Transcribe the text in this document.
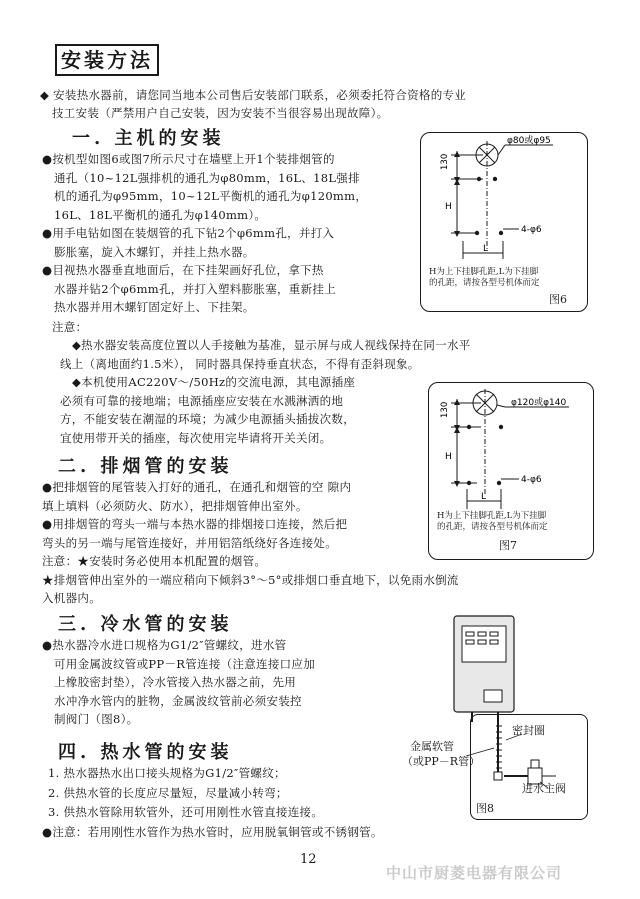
安装方法
◆ 安装热水器前，请您同当地本公司售后安装部门联系，必须委托符合资格的专业
技工安装（严禁用户自己安装，因为安装不当很容易出现故障）。
一. 主机的安装
●按机型如图6或图7所示尺寸在墙壁上开1个装排烟管的
通孔（10~12L强排机的通孔为φ80mm，16L、18L强排
机的通孔为φ95mm，10~12L平衡机的通孔为φ120mm，
16L、18L平衡机的通孔为φ140mm）。
●用手电钻如图在装烟管的孔下钻2个φ6mm孔，并打入
膨胀塞，旋入木螺钉，并挂上热水器。
●目视热水器垂直地面后，在下挂架画好孔位，拿下热
水器并钻2个φ6mm孔，并打入塑料膨胀塞，重新挂上
热水器并用木螺钉固定好上、下挂架。
注意：
◆热水器安装高度位置以人手接触为基准，显示屏与成人视线保持在同一水平
线上（离地面约1.5米）， 同时器具保持垂直状态，不得有歪斜现象。
◆本机使用AC220V～/50Hz的交流电源，其电源插座
必须有可靠的接地端；电源插座应安装在水溅淋洒的地
方，不能安装在潮湿的环境；为减少电源插头插拔次数，
宜使用带开关的插座，每次使用完毕请将开关关闭。
二. 排烟管的安装
●把排烟管的尾管装入打好的通孔，在通孔和烟管的空 隙内
填上填料（必须防火、防水），把排烟管伸出室外。
●用排烟管的弯头一端与本热水器的排烟接口连接，然后把
弯头的另一端与尾管连接好，并用铝箔纸绕好各连接处。
注意：★安装时务必使用本机配置的烟管。
★排烟管伸出室外的一端应稍向下倾斜3°～5°或排烟口垂直地下，以免雨水倒流
入机器内。
三. 冷水管的安装
●热水器冷水进口规格为G1/2″管螺纹，进水管
可用金属波纹管或PP－R管连接（注意连接口应加
上橡胶密封垫），冷水管接入热水器之前，先用
水冲净水管内的脏物，金属波纹管前必须安装控
制阀门（图8）。
四. 热水管的安装
1. 热水器热水出口接头规格为G1/2″管螺纹；
2. 供热水管的长度应尽量短，尽量减小转弯；
3. 供热水管除用软管外，还可用刚性水管直接连接。
●注意：若用刚性水管作为热水管时，应用脱氧铜管或不锈钢管。
φ80或φ95
130
H
L
4-φ6
H为上下挂脚孔距,L为下挂脚
的孔距，请按各型号机体而定
图6
φ120或φ140
130
H
L
4-φ6
H为上下挂脚孔距,L为下挂脚
的孔距，请按各型号机体而定
图7
金属软管
（或PP－R管）
密封圈
进水主阀
图8
12
中山市厨菱电器有限公司
